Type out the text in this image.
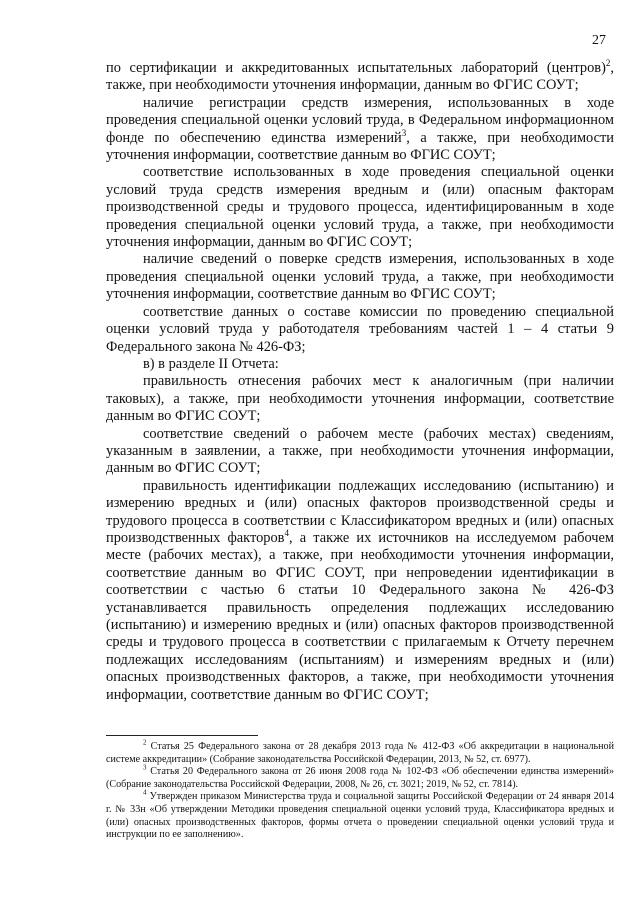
27

по сертификации и аккредитованных испытательных лабораторий (центров)$^2$, также, при необходимости уточнения информации, данным во ФГИС СОУТ;

наличие регистрации средств измерения, использованных в ходе проведения специальной оценки условий труда, в Федеральном информационном фонде по обеспечению единства измерений$^3$, а также, при необходимости уточнения информации, соответствие данным во ФГИС СОУТ;

соответствие использованных в ходе проведения специальной оценки условий труда средств измерения вредным и (или) опасным факторам производственной среды и трудового процесса, идентифицированным в ходе проведения специальной оценки условий труда, а также, при необходимости уточнения информации, данным во ФГИС СОУТ;

наличие сведений о поверке средств измерения, использованных в ходе проведения специальной оценки условий труда, а также, при необходимости уточнения информации, соответствие данным во ФГИС СОУТ;

соответствие данных о составе комиссии по проведению специальной оценки условий труда у работодателя требованиям частей 1 – 4 статьи 9 Федерального закона № 426-ФЗ;

в) в разделе II Отчета:

правильность отнесения рабочих мест к аналогичным (при наличии таковых), а также, при необходимости уточнения информации, соответствие данным во ФГИС СОУТ;

соответствие сведений о рабочем месте (рабочих местах) сведениям, указанным в заявлении, а также, при необходимости уточнения информации, данным во ФГИС СОУТ;

правильность идентификации подлежащих исследованию (испытанию) и измерению вредных и (или) опасных факторов производственной среды и трудового процесса в соответствии с Классификатором вредных и (или) опасных производственных факторов$^4$, а также их источников на исследуемом рабочем месте (рабочих местах), а также, при необходимости уточнения информации, соответствие данным во ФГИС СОУТ, при непроведении идентификации в соответствии с частью 6 статьи 10 Федерального закона № 426-ФЗ устанавливается правильность определения подлежащих исследованию (испытанию) и измерению вредных и (или) опасных факторов производственной среды и трудового процесса в соответствии с прилагаемым к Отчету перечнем подлежащих исследованиям (испытаниям) и измерениям вредных и (или) опасных производственных факторов, а также, при необходимости уточнения информации, соответствие данным во ФГИС СОУТ;

$^2$ Статья 25 Федерального закона от 28 декабря 2013 года № 412-ФЗ «Об аккредитации в национальной системе аккредитации» (Собрание законодательства Российской Федерации, 2013, № 52, ст. 6977).

$^3$ Статья 20 Федерального закона от 26 июня 2008 года № 102-ФЗ «Об обеспечении единства измерений» (Собрание законодательства Российской Федерации, 2008, № 26, ст. 3021; 2019, № 52, ст. 7814).

$^4$ Утвержден приказом Министерства труда и социальной защиты Российской Федерации от 24 января 2014 г. № 33н «Об утверждении Методики проведения специальной оценки условий труда, Классификатора вредных и (или) опасных производственных факторов, формы отчета о проведении специальной оценки условий труда и инструкции по ее заполнению».
